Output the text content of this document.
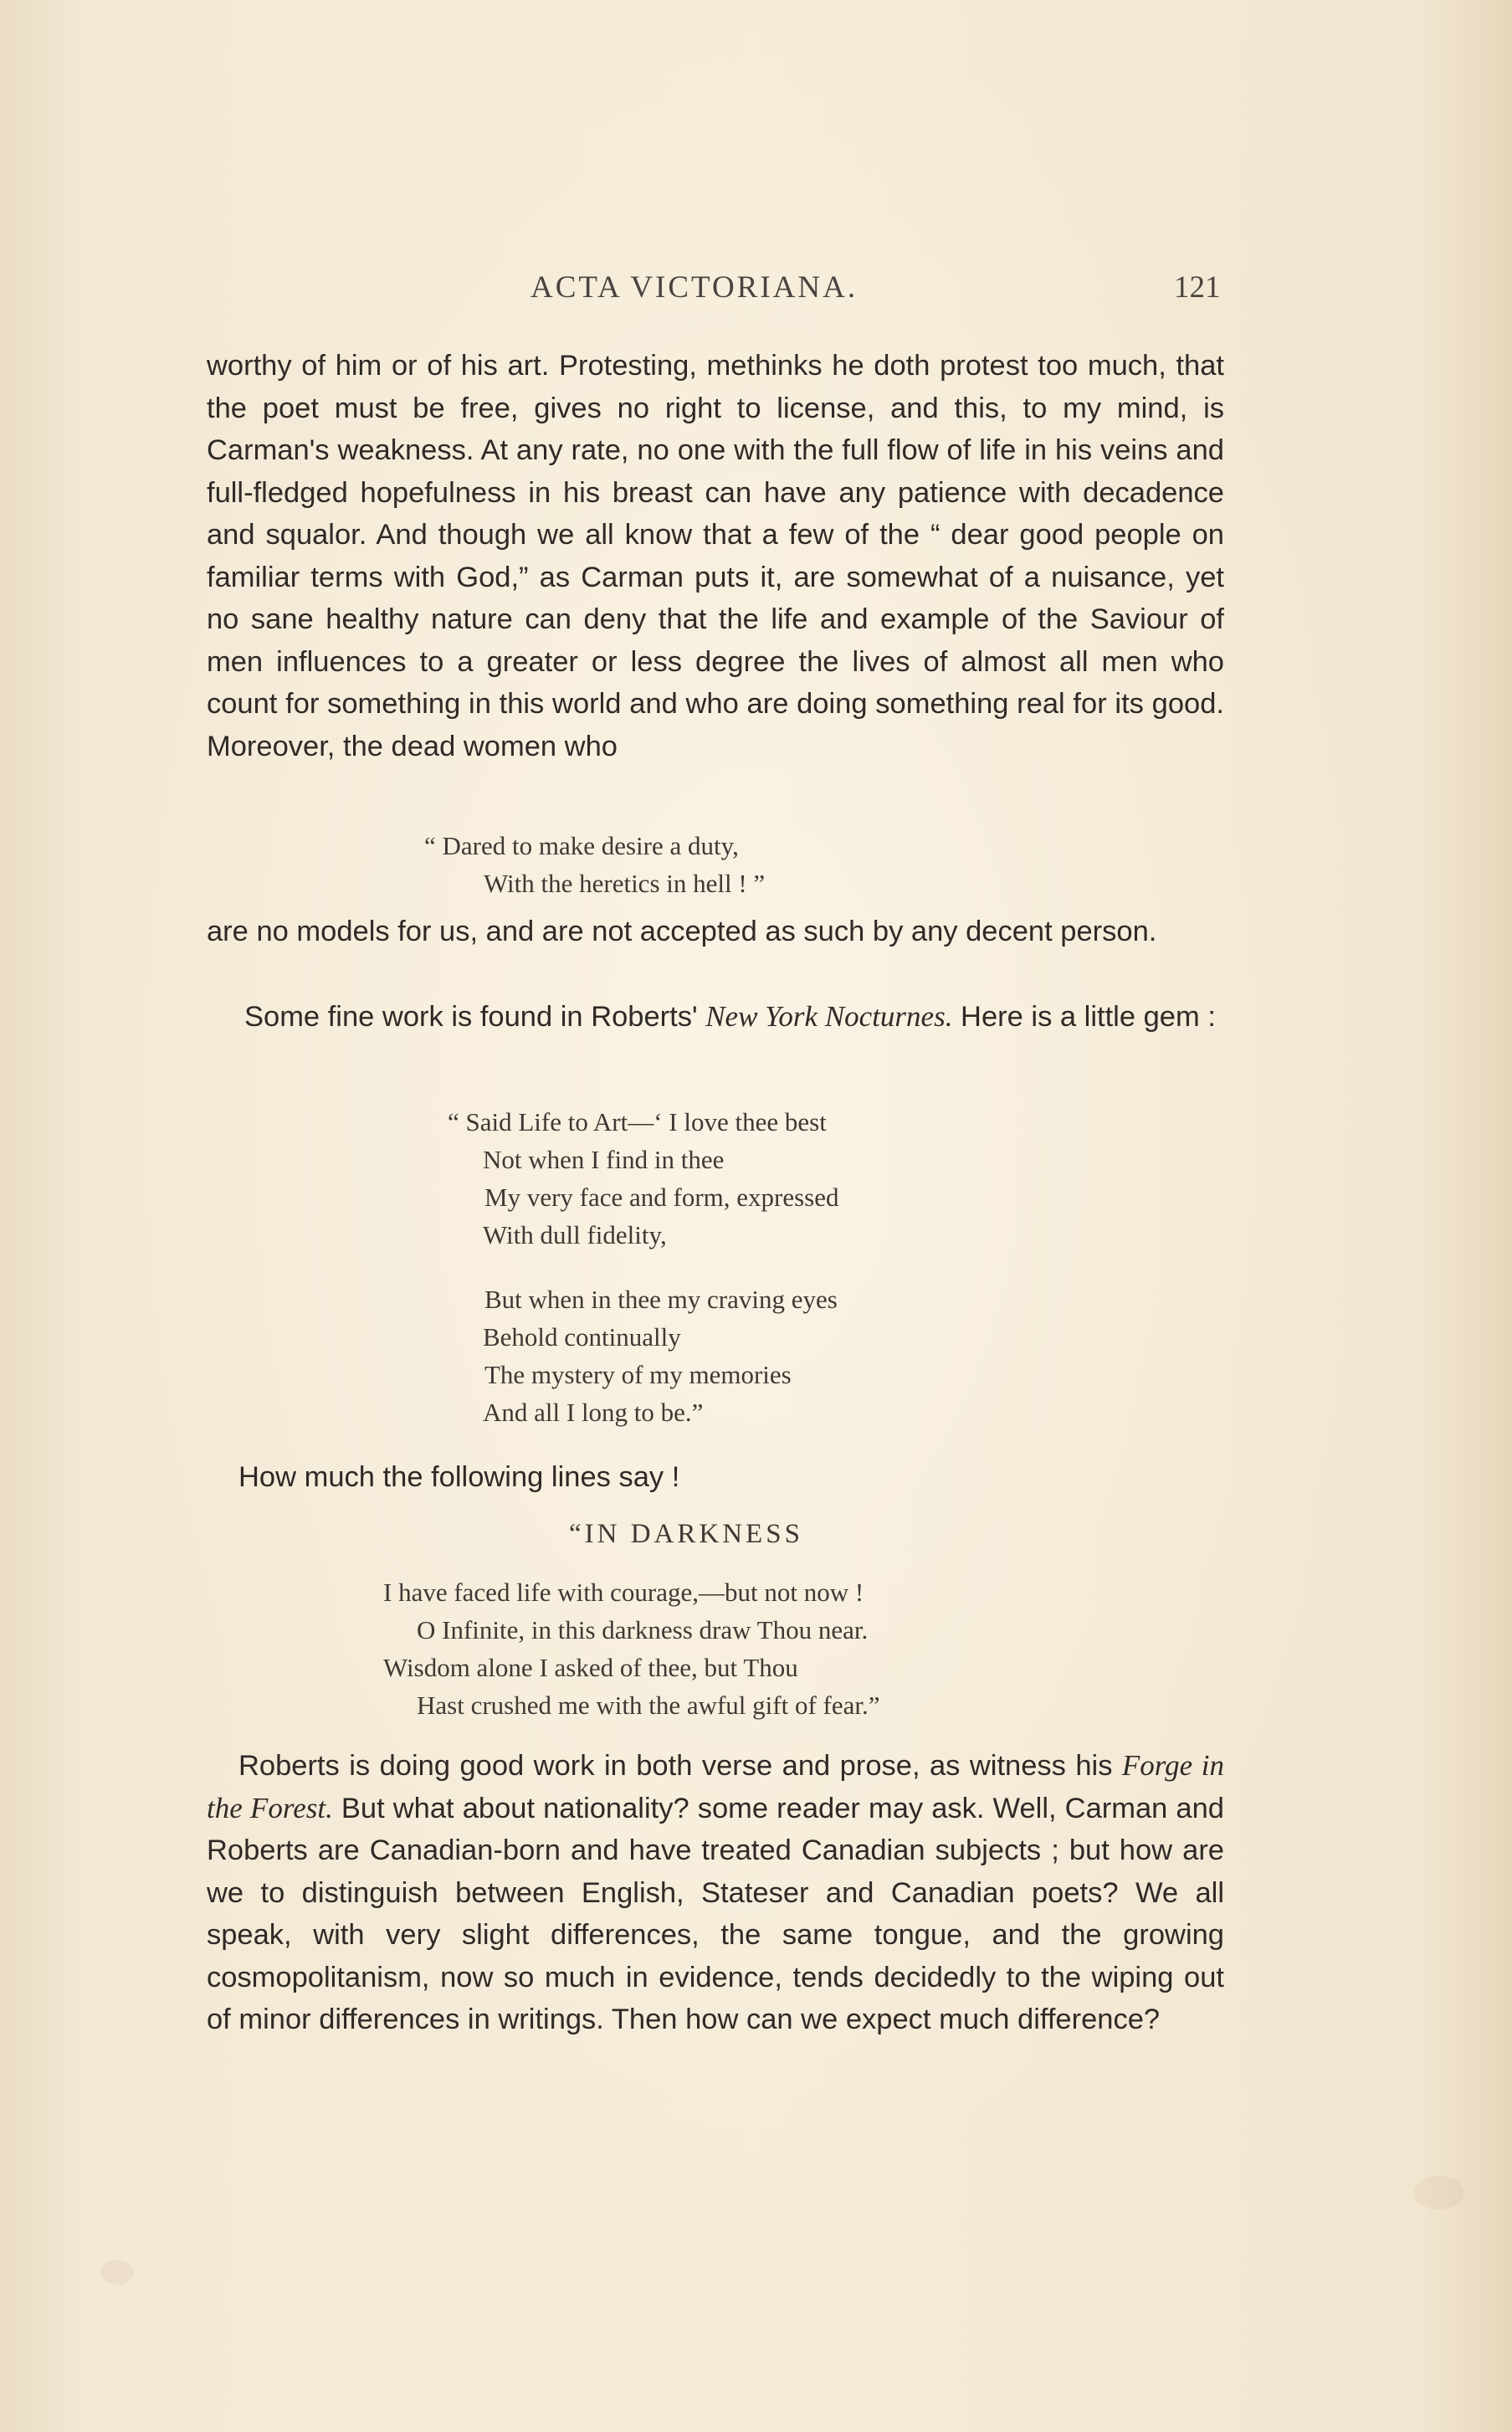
ACTA VICTORIANA.	121

worthy of him or of his art. Protesting, methinks he doth protest too much, that the poet must be free, gives no right to license, and this, to my mind, is Carman's weakness. At any rate, no one with the full flow of life in his veins and full-fledged hopefulness in his breast can have any patience with decadence and squalor. And though we all know that a few of the “ dear good people on familiar terms with God,” as Carman puts it, are somewhat of a nuisance, yet no sane healthy nature can deny that the life and example of the Saviour of men influences to a greater or less degree the lives of almost all men who count for something in this world and who are doing something real for its good. Moreover, the dead women who

“ Dared to make desire a duty,
With the heretics in hell ! ”

are no models for us, and are not accepted as such by any decent person.

Some fine work is found in Roberts' New York Nocturnes. Here is a little gem :

“ Said Life to Art—‘ I love thee best
Not when I find in thee
My very face and form, expressed
With dull fidelity,
But when in thee my craving eyes
Behold continually
The mystery of my memories
And all I long to be.”

How much the following lines say !

“IN DARKNESS
I have faced life with courage,—but not now !
O Infinite, in this darkness draw Thou near.
Wisdom alone I asked of thee, but Thou
Hast crushed me with the awful gift of fear.”

Roberts is doing good work in both verse and prose, as witness his Forge in the Forest. But what about nationality? some reader may ask. Well, Carman and Roberts are Canadian-born and have treated Canadian subjects ; but how are we to distinguish between English, Stateser and Canadian poets? We all speak, with very slight differences, the same tongue, and the growing cosmopolitanism, now so much in evidence, tends decidedly to the wiping out of minor differences in writings. Then how can we expect much difference?
